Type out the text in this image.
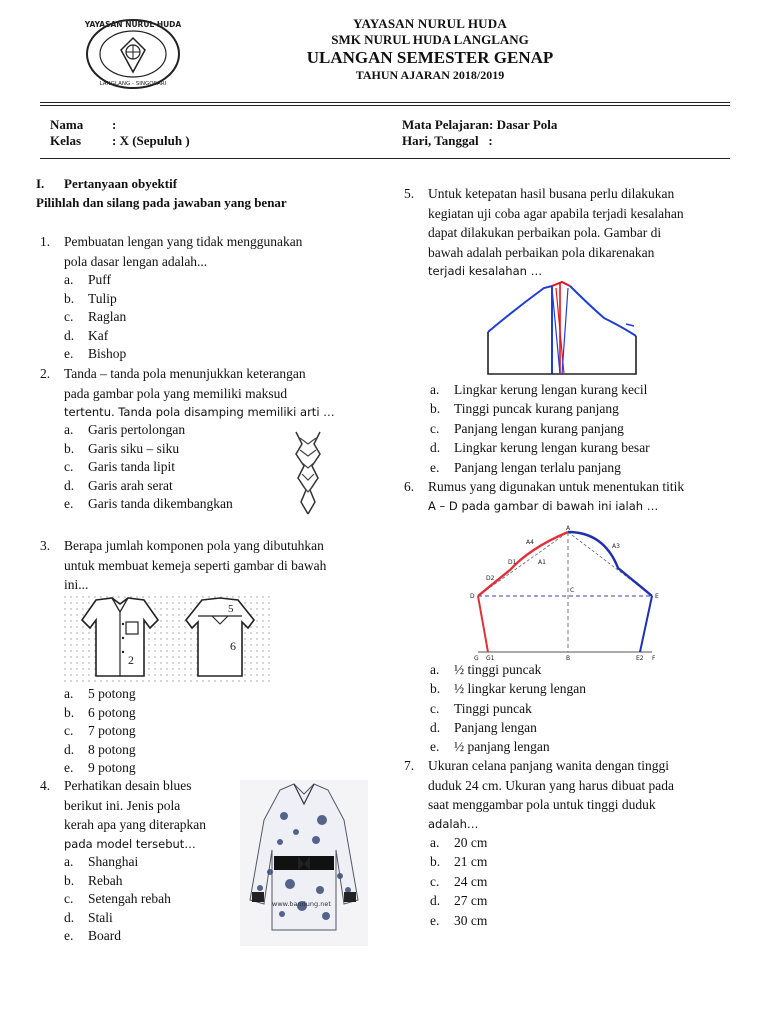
YAYASAN NURUL HUDA
LANGLANG - SINGOSARI
YAYASAN NURUL HUDA
SMK NURUL HUDA LANGLANG
ULANGAN SEMESTER GENAP
TAHUN AJARAN 2018/2019
Nama :
Kelas : X (Sepuluh )
Mata Pelajaran: Dasar Pola
Hari, Tanggal   :
I. Pertanyaan obyektif
Pilihlah dan silang pada jawaban yang benar
1. Pembuatan lengan yang tidak menggunakan
pola dasar lengan adalah...
a.	Puff
b.	Tulip
c.	Raglan
d.	Kaf
e.	Bishop
2. Tanda – tanda pola menunjukkan keterangan
pada gambar pola yang memiliki maksud
tertentu. Tanda pola disamping memiliki arti …
a.	Garis pertolongan
b.	Garis siku – siku
c.	Garis tanda lipit
d.	Garis arah serat
e.	Garis tanda dikembangkan
3. Berapa jumlah komponen pola yang dibutuhkan
untuk membuat kemeja seperti gambar di bawah
ini...
2
5
6
a.	5 potong
b.	6 potong
c.	7 potong
d.	8 potong
e.	9 potong
4. Perhatikan desain blues
berikut ini. Jenis pola
kerah apa yang diterapkan
pada model tersebut…
a.	Shanghai
b.	Rebah
c.	Setengah rebah
d.	Stali
e.	Board
www.bandung.net
5. Untuk ketepatan hasil busana perlu dilakukan
kegiatan uji coba agar apabila terjadi kesalahan
dapat dilakukan perbaikan pola. Gambar di
bawah adalah perbaikan pola dikarenakan
terjadi kesalahan …
a.	Lingkar kerung lengan kurang kecil
b.	Tinggi puncak kurang panjang
c.	Panjang lengan kurang panjang
d.	Lingkar kerung lengan kurang besar
e.	Panjang lengan terlalu panjang
6. Rumus yang digunakan untuk menentukan titik
A – D pada gambar di bawah ini ialah …
A
A4
A3
D1	A1
D2
C
D	E
G G1	B	E2 F
a.	½ tinggi puncak
b.	½ lingkar kerung lengan
c.	Tinggi puncak
d.	Panjang lengan
e.	½ panjang lengan
7. Ukuran celana panjang wanita dengan tinggi
duduk 24 cm. Ukuran yang harus dibuat pada
saat menggambar pola untuk tinggi duduk
adalah…
a.	20 cm
b.	21 cm
c.	24 cm
d.	27 cm
e.	30 cm
